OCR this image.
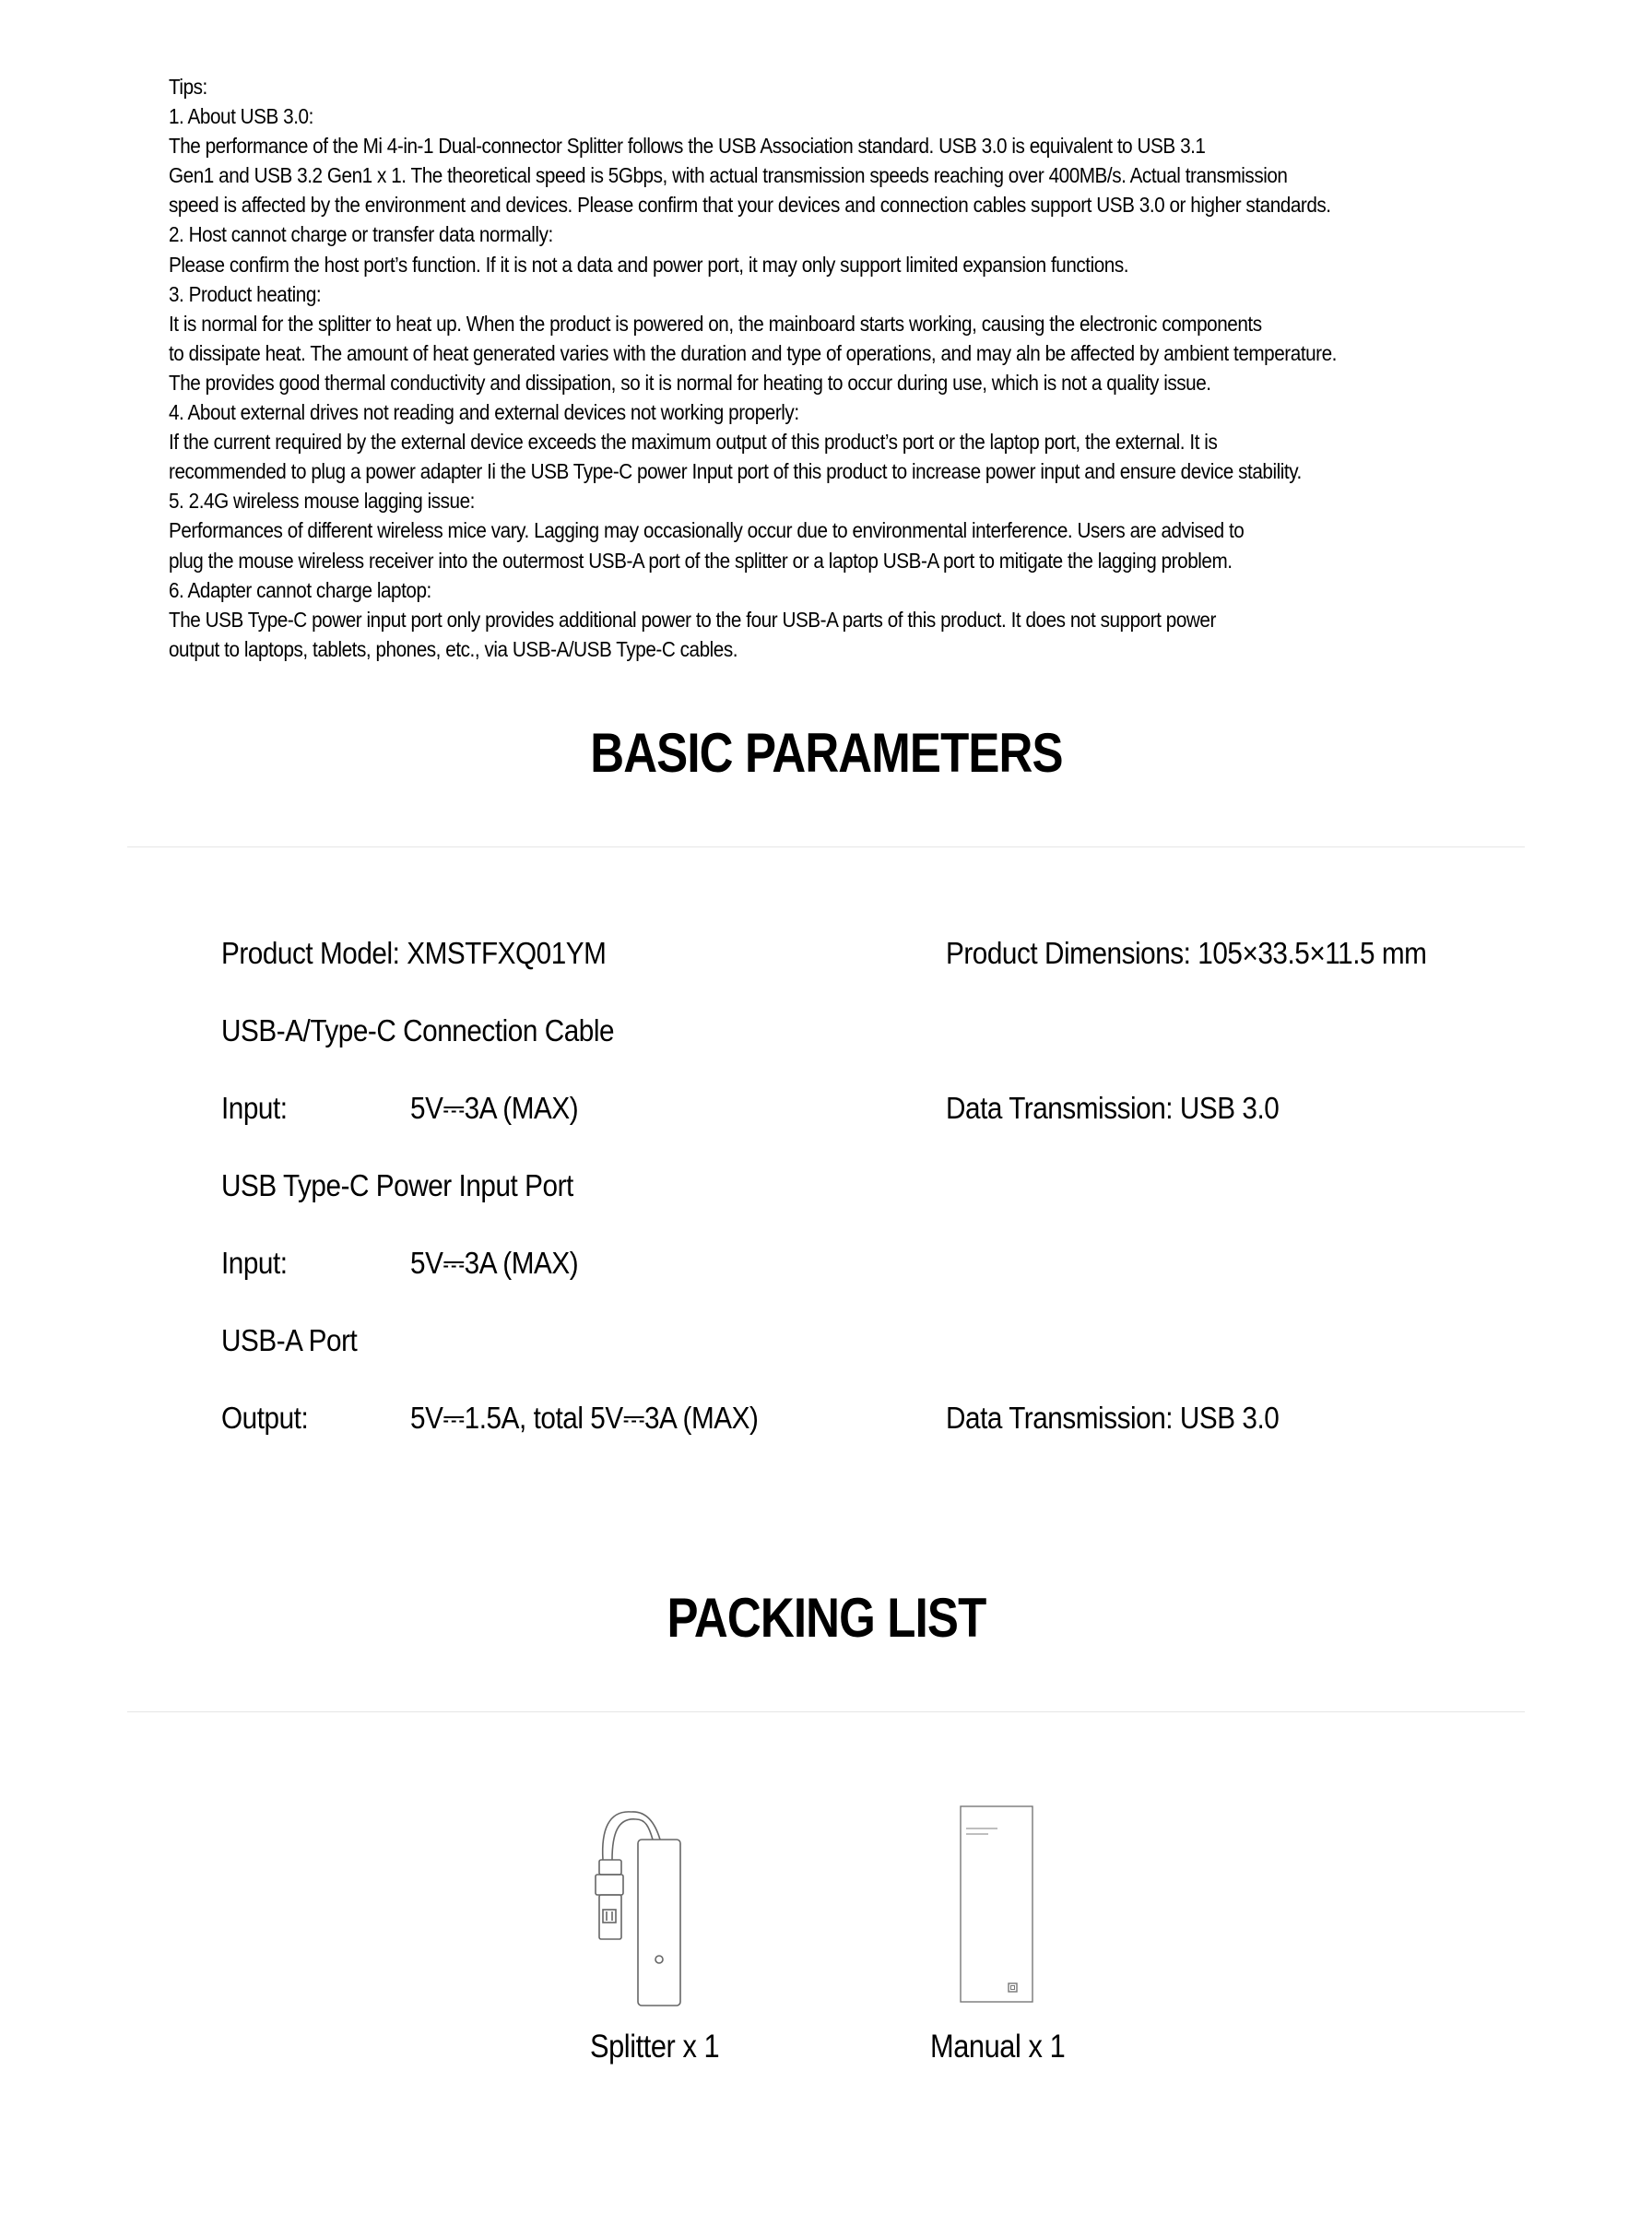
Tips:
1. About USB 3.0:
The performance of the Mi 4-in-1 Dual-connector Splitter follows the USB Association standard. USB 3.0 is equivalent to USB 3.1
Gen1 and USB 3.2 Gen1 x 1. The theoretical speed is 5Gbps, with actual transmission speeds reaching over 400MB/s. Actual transmission
speed is affected by the environment and devices. Please confirm that your devices and connection cables support USB 3.0 or higher standards.
2. Host cannot charge or transfer data normally:
Please confirm the host port’s function. If it is not a data and power port, it may only support limited expansion functions.
3. Product heating:
It is normal for the splitter to heat up. When the product is powered on, the mainboard starts working, causing the electronic components
to dissipate heat. The amount of heat generated varies with the duration and type of operations, and may aln be affected by ambient temperature.
The provides good thermal conductivity and dissipation, so it is normal for heating to occur during use, which is not a quality issue.
4. About external drives not reading and external devices not working properly:
If the current required by the external device exceeds the maximum output of this product’s port or the laptop port, the external. It is
recommended to plug a power adapter Ii the USB Type-C power Input port of this product to increase power input and ensure device stability.
5. 2.4G wireless mouse lagging issue:
Performances of different wireless mice vary. Lagging may occasionally occur due to environmental interference. Users are advised to
plug the mouse wireless receiver into the outermost USB-A port of the splitter or a laptop USB-A port to mitigate the lagging problem.
6. Adapter cannot charge laptop:
The USB Type-C power input port only provides additional power to the four USB-A parts of this product. It does not support power
output to laptops, tablets, phones, etc., via USB-A/USB Type-C cables.
BASIC PARAMETERS
Product Model: XMSTFXQ01YM	Product Dimensions: 105×33.5×11.5 mm
USB-A/Type-C Connection Cable
Input:	5V⎓3A (MAX)	Data Transmission: USB 3.0
USB Type-C Power Input Port
Input:	5V⎓3A (MAX)
USB-A Port
Output:	5V⎓1.5A, total 5V⎓3A (MAX)	Data Transmission: USB 3.0
PACKING LIST
Splitter x 1	Manual x 1
